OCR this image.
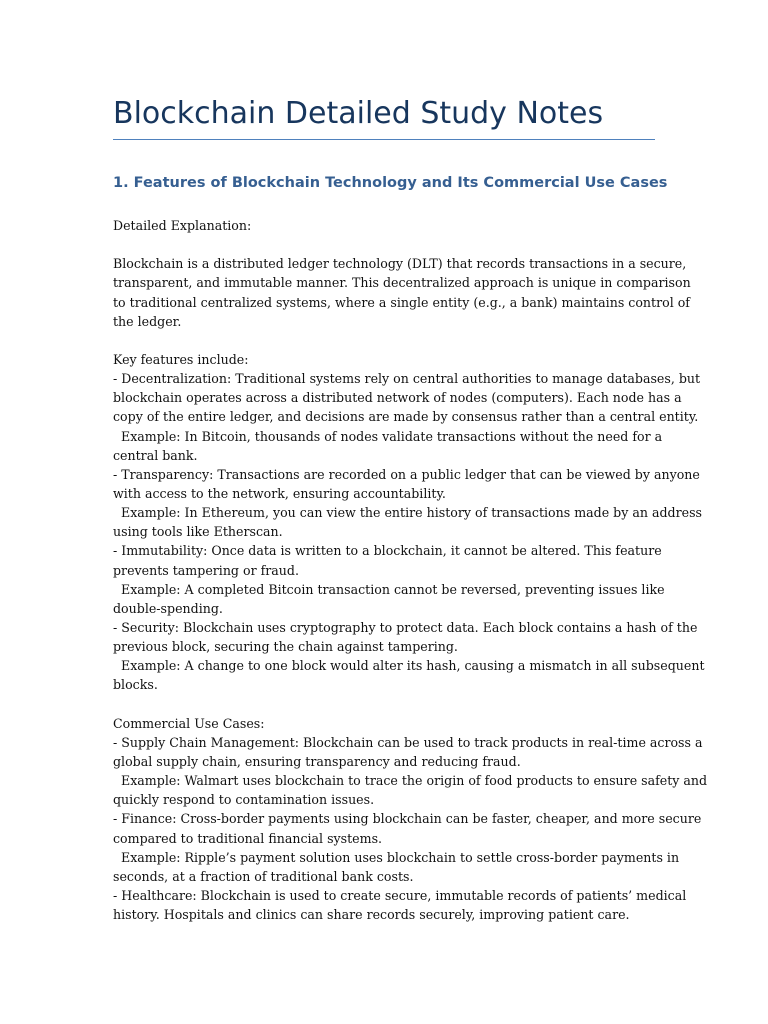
Blockchain Detailed Study Notes
1. Features of Blockchain Technology and Its Commercial Use Cases
Detailed Explanation:
Blockchain is a distributed ledger technology (DLT) that records transactions in a secure,
transparent, and immutable manner. This decentralized approach is unique in comparison
to traditional centralized systems, where a single entity (e.g., a bank) maintains control of
the ledger.
Key features include:
- Decentralization: Traditional systems rely on central authorities to manage databases, but
blockchain operates across a distributed network of nodes (computers). Each node has a
copy of the entire ledger, and decisions are made by consensus rather than a central entity.
Example: In Bitcoin, thousands of nodes validate transactions without the need for a
central bank.
- Transparency: Transactions are recorded on a public ledger that can be viewed by anyone
with access to the network, ensuring accountability.
Example: In Ethereum, you can view the entire history of transactions made by an address
using tools like Etherscan.
- Immutability: Once data is written to a blockchain, it cannot be altered. This feature
prevents tampering or fraud.
Example: A completed Bitcoin transaction cannot be reversed, preventing issues like
double-spending.
- Security: Blockchain uses cryptography to protect data. Each block contains a hash of the
previous block, securing the chain against tampering.
Example: A change to one block would alter its hash, causing a mismatch in all subsequent
blocks.
Commercial Use Cases:
- Supply Chain Management: Blockchain can be used to track products in real-time across a
global supply chain, ensuring transparency and reducing fraud.
Example: Walmart uses blockchain to trace the origin of food products to ensure safety and
quickly respond to contamination issues.
- Finance: Cross-border payments using blockchain can be faster, cheaper, and more secure
compared to traditional financial systems.
Example: Ripple’s payment solution uses blockchain to settle cross-border payments in
seconds, at a fraction of traditional bank costs.
- Healthcare: Blockchain is used to create secure, immutable records of patients’ medical
history. Hospitals and clinics can share records securely, improving patient care.
